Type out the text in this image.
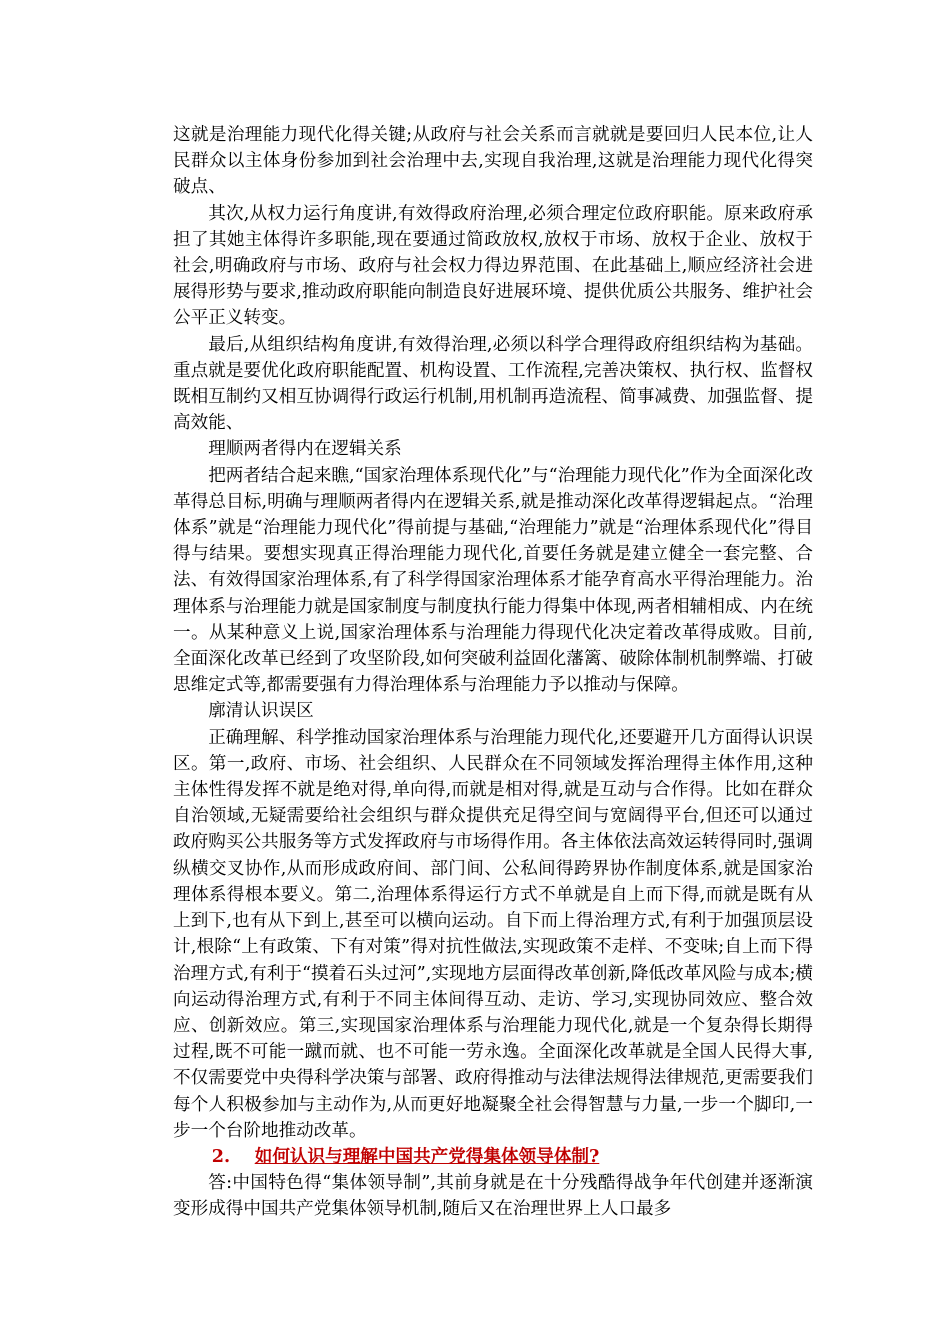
这就是治理能力现代化得关键;从政府与社会关系而言就就是要回归人民本位,让人民群众以主体身份参加到社会治理中去,实现自我治理,这就是治理能力现代化得突破点、

其次,从权力运行角度讲,有效得政府治理,必须合理定位政府职能。原来政府承担了其她主体得许多职能,现在要通过简政放权,放权于市场、放权于企业、放权于社会,明确政府与市场、政府与社会权力得边界范围、在此基础上,顺应经济社会进展得形势与要求,推动政府职能向制造良好进展环境、提供优质公共服务、维护社会公平正义转变。

最后,从组织结构角度讲,有效得治理,必须以科学合理得政府组织结构为基础。重点就是要优化政府职能配置、机构设置、工作流程,完善决策权、执行权、监督权既相互制约又相互协调得行政运行机制,用机制再造流程、简事减费、加强监督、提高效能、

理顺两者得内在逻辑关系

把两者结合起来瞧,“国家治理体系现代化”与“治理能力现代化”作为全面深化改革得总目标,明确与理顺两者得内在逻辑关系,就是推动深化改革得逻辑起点。“治理体系”就是“治理能力现代化”得前提与基础,“治理能力”就是“治理体系现代化”得目得与结果。要想实现真正得治理能力现代化,首要任务就是建立健全一套完整、合法、有效得国家治理体系,有了科学得国家治理体系才能孕育高水平得治理能力。治理体系与治理能力就是国家制度与制度执行能力得集中体现,两者相辅相成、内在统一。从某种意义上说,国家治理体系与治理能力得现代化决定着改革得成败。目前,全面深化改革已经到了攻坚阶段,如何突破利益固化藩篱、破除体制机制弊端、打破思维定式等,都需要强有力得治理体系与治理能力予以推动与保障。

廓清认识误区

正确理解、科学推动国家治理体系与治理能力现代化,还要避开几方面得认识误区。第一,政府、市场、社会组织、人民群众在不同领域发挥治理得主体作用,这种主体性得发挥不就是绝对得,单向得,而就是相对得,就是互动与合作得。比如在群众自治领域,无疑需要给社会组织与群众提供充足得空间与宽阔得平台,但还可以通过政府购买公共服务等方式发挥政府与市场得作用。各主体依法高效运转得同时,强调纵横交叉协作,从而形成政府间、部门间、公私间得跨界协作制度体系,就是国家治理体系得根本要义。第二,治理体系得运行方式不单就是自上而下得,而就是既有从上到下,也有从下到上,甚至可以横向运动。自下而上得治理方式,有利于加强顶层设计,根除“上有政策、下有对策”得对抗性做法,实现政策不走样、不变味;自上而下得治理方式,有利于“摸着石头过河”,实现地方层面得改革创新,降低改革风险与成本;横向运动得治理方式,有利于不同主体间得互动、走访、学习,实现协同效应、整合效应、创新效应。第三,实现国家治理体系与治理能力现代化,就是一个复杂得长期得过程,既不可能一蹴而就、也不可能一劳永逸。全面深化改革就是全国人民得大事,不仅需要党中央得科学决策与部署、政府得推动与法律法规得法律规范,更需要我们每个人积极参加与主动作为,从而更好地凝聚全社会得智慧与力量,一步一个脚印,一步一个台阶地推动改革。

2. 如何认识与理解中国共产党得集体领导体制?

答:中国特色得“集体领导制”,其前身就是在十分残酷得战争年代创建并逐渐演变形成得中国共产党集体领导机制,随后又在治理世界上人口最多
